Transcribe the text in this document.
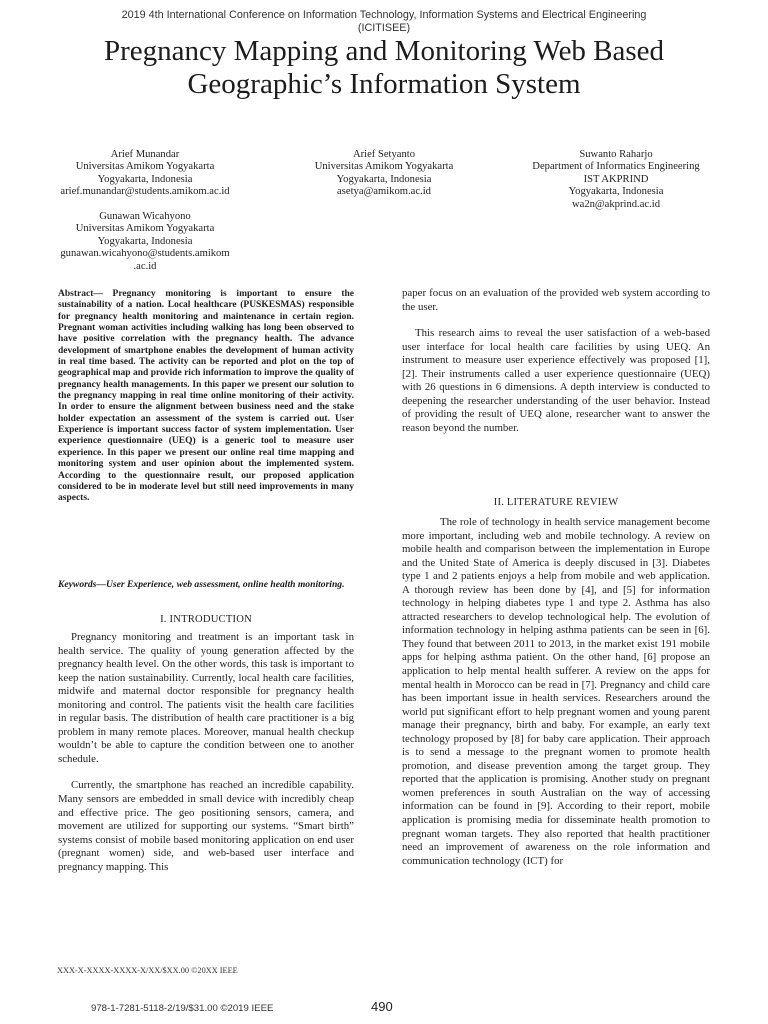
2019 4th International Conference on Information Technology, Information Systems and Electrical Engineering
(ICITISEE)
Pregnancy Mapping and Monitoring Web Based
Geographic’s Information System
Arief Munandar
Universitas Amikom Yogyakarta
Yogyakarta, Indonesia
arief.munandar@students.amikom.ac.id
Arief Setyanto
Universitas Amikom Yogyakarta
Yogyakarta, Indonesia
asetya@amikom.ac.id
Suwanto Raharjo
Department of Informatics Engineering
IST AKPRIND
Yogyakarta, Indonesia
wa2n@akprind.ac.id
Gunawan Wicahyono
Universitas Amikom Yogyakarta
Yogyakarta, Indonesia
gunawan.wicahyono@students.amikom
.ac.id

Abstract— Pregnancy monitoring is important to ensure the sustainability of a nation. Local healthcare (PUSKESMAS) responsible for pregnancy health monitoring and maintenance in certain region. Pregnant woman activities including walking has long been observed to have positive correlation with the pregnancy health. The advance development of smartphone enables the development of human activity in real time based. The activity can be reported and plot on the top of geographical map and provide rich information to improve the quality of pregnancy health managements. In this paper we present our solution to the pregnancy mapping in real time online monitoring of their activity. In order to ensure the alignment between business need and the stake holder expectation an assessment of the system is carried out. User Experience is important success factor of system implementation. User experience questionnaire (UEQ) is a generic tool to measure user experience. In this paper we present our online real time mapping and monitoring system and user opinion about the implemented system. According to the questionnaire result, our proposed application considered to be in moderate level but still need improvements in many aspects.

Keywords—User Experience, web assessment, online health monitoring.
I. INTRODUCTION

Pregnancy monitoring and treatment is an important task in health service. The quality of young generation affected by the pregnancy health level. On the other words, this task is important to keep the nation sustainability. Currently, local health care facilities, midwife and maternal doctor responsible for pregnancy health monitoring and control. The patients visit the health care facilities in regular basis. The distribution of health care practitioner is a big problem in many remote places. Moreover, manual health checkup wouldn’t be able to capture the condition between one to another schedule.

Currently, the smartphone has reached an incredible capability. Many sensors are embedded in small device with incredibly cheap and effective price. The geo positioning sensors, camera, and movement are utilized for supporting our systems. “Smart birth” systems consist of mobile based monitoring application on end user (pregnant women) side, and web-based user interface and pregnancy mapping. This

paper focus on an evaluation of the provided web system according to the user.

This research aims to reveal the user satisfaction of a web-based user interface for local health care facilities by using UEQ. An instrument to measure user experience effectively was proposed [1], [2]. Their instruments called a user experience questionnaire (UEQ) with 26 questions in 6 dimensions. A depth interview is conducted to deepening the researcher understanding of the user behavior. Instead of providing the result of UEQ alone, researcher want to answer the reason beyond the number.

II. LITERATURE REVIEW

The role of technology in health service management become more important, including web and mobile technology. A review on mobile health and comparison between the implementation in Europe and the United State of America is deeply discused in [3]. Diabetes type 1 and 2 patients enjoys a help from mobile and web application. A thorough review has been done by [4], and [5] for information technology in helping diabetes type 1 and type 2. Asthma has also attracted researchers to develop technological help. The evolution of information technology in helping asthma patients can be seen in [6]. They found that between 2011 to 2013, in the market exist 191 mobile apps for helping asthma patient. On the other hand, [6] propose an application to help mental health sufferer. A review on the apps for mental health in Morocco can be read in [7]. Pregnancy and child care has been important issue in health services. Researchers around the world put significant effort to help pregnant women and young parent manage their pregnancy, birth and baby. For example, an early text technology proposed by [8] for baby care application. Their approach is to send a message to the pregnant women to promote health promotion, and disease prevention among the target group. They reported that the application is promising. Another study on pregnant women preferences in south Australian on the way of accessing information can be found in [9]. According to their report, mobile application is promising media for disseminate health promotion to pregnant woman targets. They also reported that health practitioner need an improvement of awareness on the role information and communication technology (ICT) for

XXX-X-XXXX-XXXX-X/XX/$XX.00 ©20XX IEEE
978-1-7281-5118-2/19/$31.00 ©2019 IEEE	490
